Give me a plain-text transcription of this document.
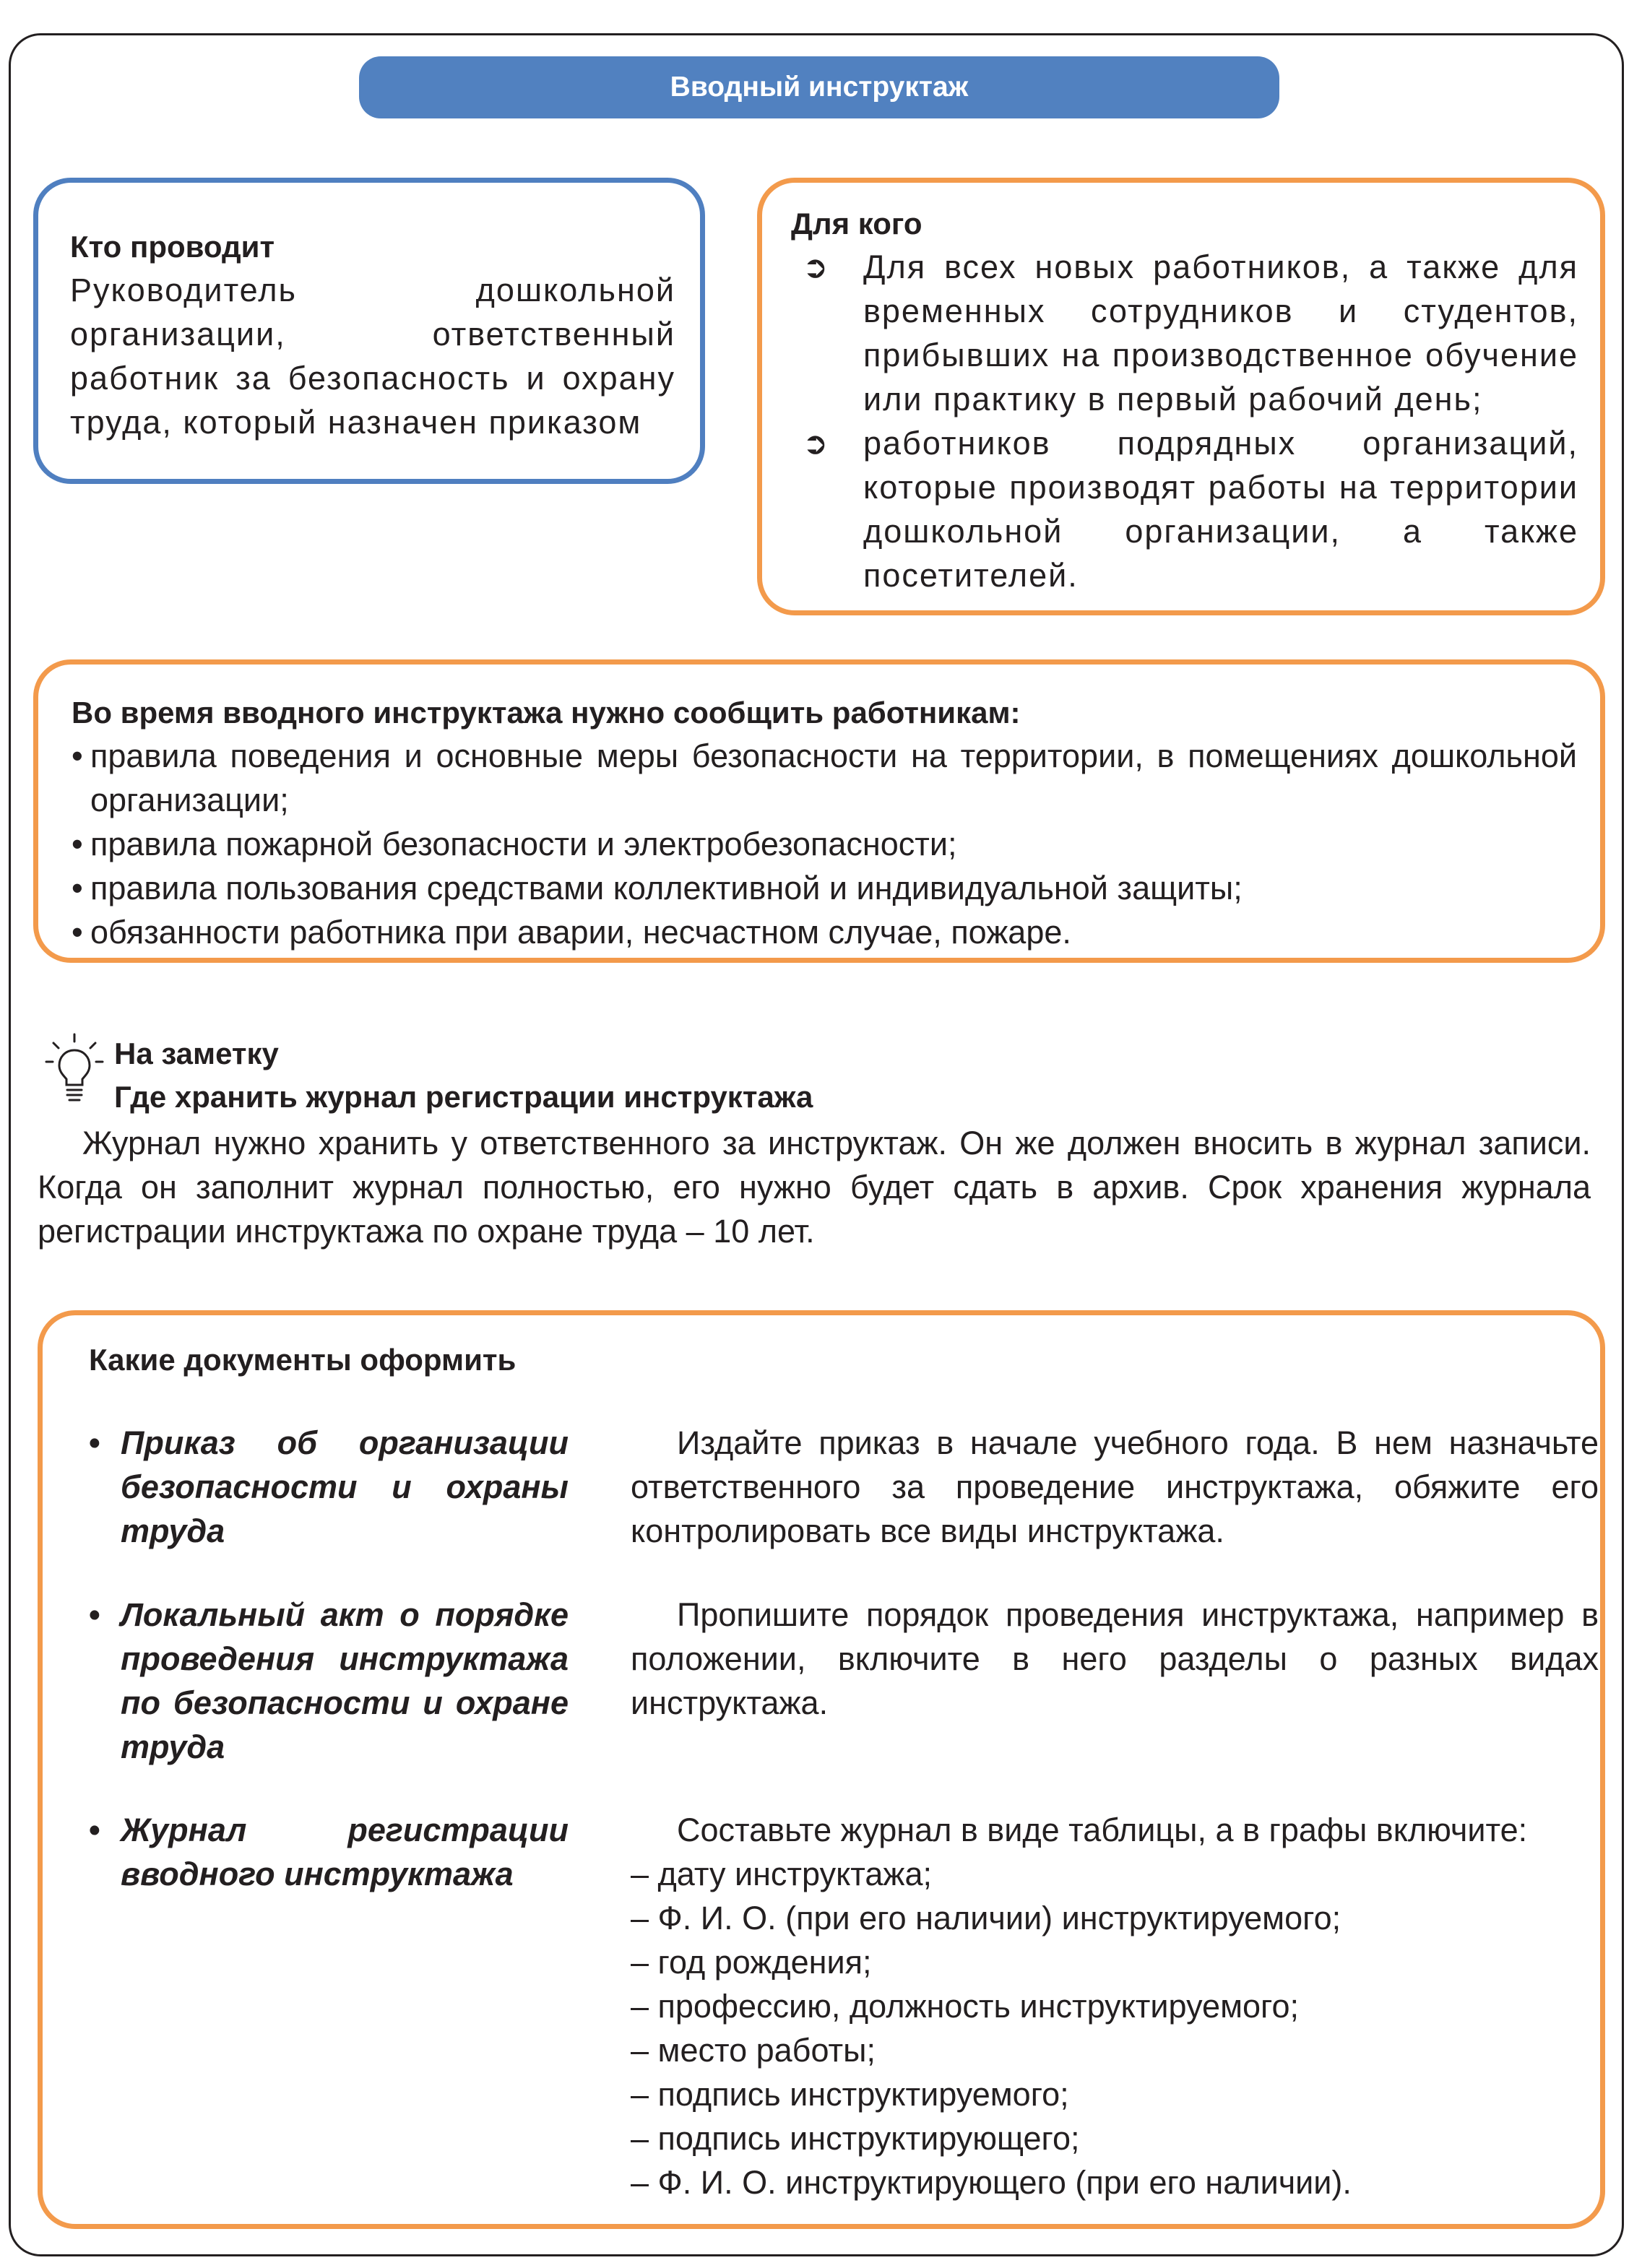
Вводный инструктаж
Кто проводит
Руководитель дошкольной организации, ответственный работник за безопасность и охрану труда, который назначен приказом
Для кого
➲ Для всех новых работников, а также для временных сотрудников и студентов, прибывших на производственное обучение или практику в первый рабочий день;
➲ работников подрядных организаций, которые производят работы на территории дошкольной организации, а также посетителей.
Во время вводного инструктажа нужно сообщить работникам:
• правила поведения и основные меры безопасности на территории, в помещениях дошкольной организации;
• правила пожарной безопасности и электробезопасности;
• правила пользования средствами коллективной и индивидуальной защиты;
• обязанности работника при аварии, несчастном случае, пожаре.
На заметку
Где хранить журнал регистрации инструктажа
Журнал нужно хранить у ответственного за инструктаж. Он же должен вносить в журнал записи. Когда он заполнит журнал полностью, его нужно будет сдать в архив. Срок хранения журнала регистрации инструктажа по охране труда – 10 лет.
Какие документы оформить
• Приказ об организации безопасности и охраны труда
Издайте приказ в начале учебного года. В нем назначьте ответственного за проведение инструктажа, обяжите его контролировать все виды инструктажа.
• Локальный акт о порядке проведения инструктажа по безопасности и охране труда
Пропишите порядок проведения инструктажа, например в положении, включите в него разделы о разных видах инструктажа.
• Журнал регистрации вводного инструктажа
Составьте журнал в виде таблицы, а в графы включите:
– дату инструктажа;
– Ф. И. О. (при его наличии) инструктируемого;
– год рождения;
– профессию, должность инструктируемого;
– место работы;
– подпись инструктируемого;
– подпись инструктирующего;
– Ф. И. О. инструктирующего (при его наличии).
